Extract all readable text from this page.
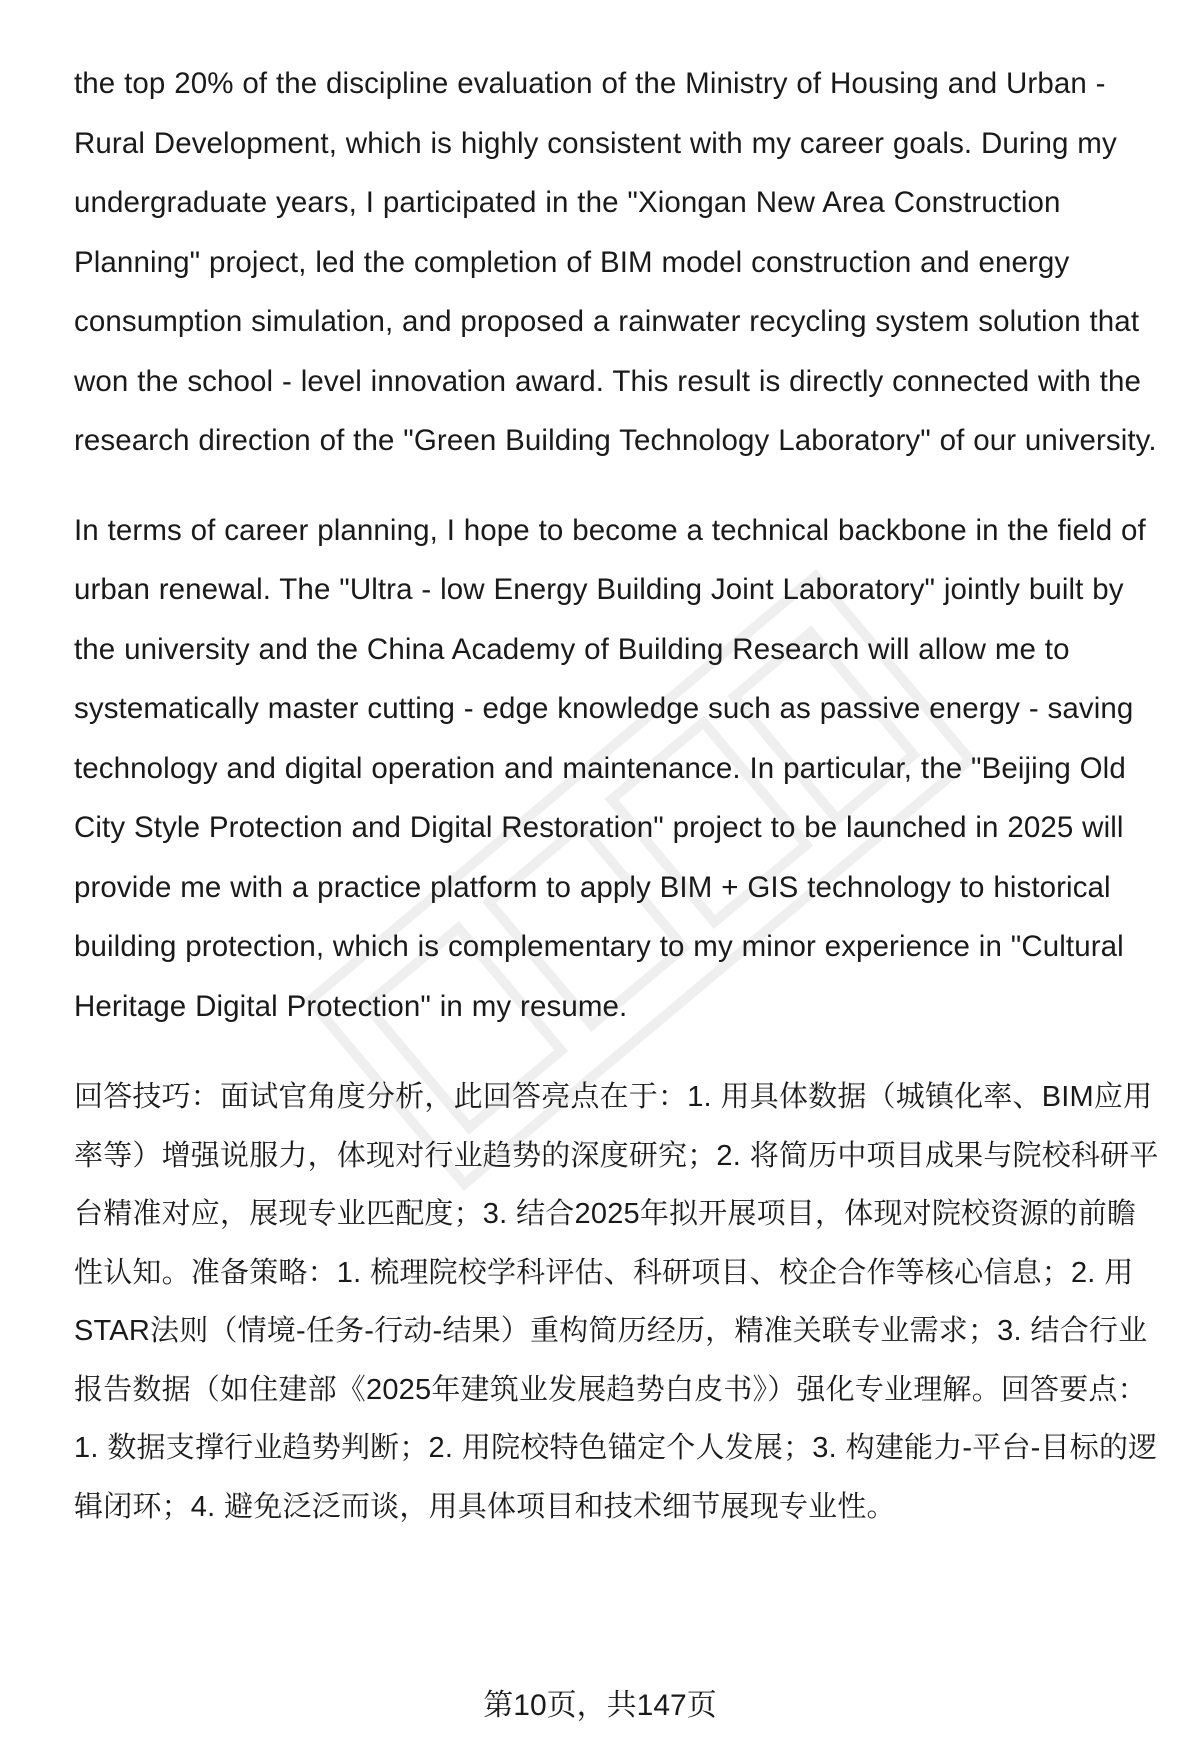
the top 20% of the discipline evaluation of the Ministry of Housing and Urban - Rural Development, which is highly consistent with my career goals. During my undergraduate years, I participated in the "Xiongan New Area Construction Planning" project, led the completion of BIM model construction and energy consumption simulation, and proposed a rainwater recycling system solution that won the school - level innovation award. This result is directly connected with the research direction of the "Green Building Technology Laboratory" of our university.

In terms of career planning, I hope to become a technical backbone in the field of urban renewal. The "Ultra - low Energy Building Joint Laboratory" jointly built by the university and the China Academy of Building Research will allow me to systematically master cutting - edge knowledge such as passive energy - saving technology and digital operation and maintenance. In particular, the "Beijing Old City Style Protection and Digital Restoration" project to be launched in 2025 will provide me with a practice platform to apply BIM + GIS technology to historical building protection, which is complementary to my minor experience in "Cultural Heritage Digital Protection" in my resume.

回答技巧：面试官角度分析，此回答亮点在于：1. 用具体数据（城镇化率、BIM应用率等）增强说服力，体现对行业趋势的深度研究；2. 将简历中项目成果与院校科研平台精准对应，展现专业匹配度；3. 结合2025年拟开展项目，体现对院校资源的前瞻性认知。准备策略：1. 梳理院校学科评估、科研项目、校企合作等核心信息；2. 用STAR法则（情境-任务-行动-结果）重构简历经历，精准关联专业需求；3. 结合行业报告数据（如住建部《2025年建筑业发展趋势白皮书》）强化专业理解。回答要点：1. 数据支撑行业趋势判断；2. 用院校特色锚定个人发展；3. 构建能力-平台-目标的逻辑闭环；4. 避免泛泛而谈，用具体项目和技术细节展现专业性。

第10页，共147页
